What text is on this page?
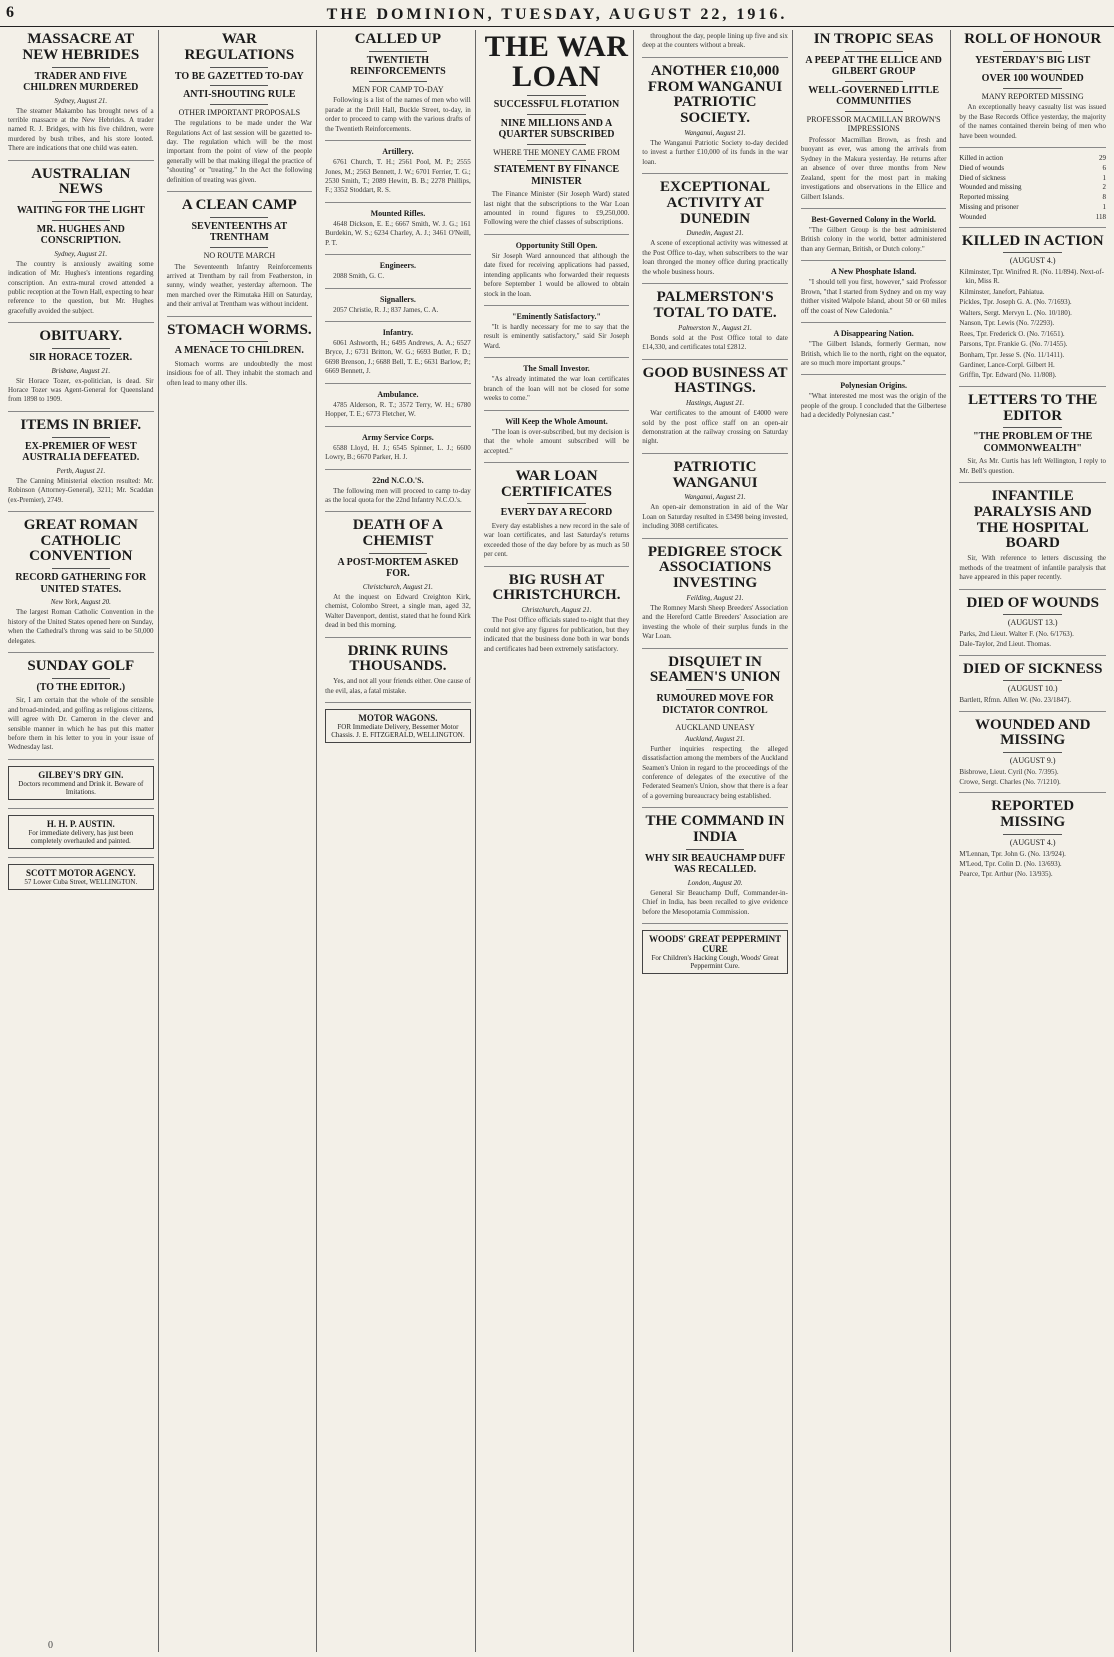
6	THE DOMINION, TUESDAY, AUGUST 22, 1916.
MASSACRE AT NEW HEBRIDES
TRADER AND FIVE CHILDREN MURDERED
Sydney, August 21.

The steamer Makambo has brought news of a terrible massacre at the New Hebrides. A trader named R. J. Bridges, with his five children, were murdered by bush tribes, and his store looted. There are indications that one child was eaten.

AUSTRALIAN NEWS
WAITING FOR THE LIGHT
MR. HUGHES AND CONSCRIPTION.
Sydney, August 21.

The country is anxiously awaiting some indication of Mr. Hughes's intentions regarding conscription. An extra-mural crowd attended a public reception at the Town Hall, expecting to hear reference to the question, but Mr. Hughes gracefully avoided the subject.

OBITUARY.
SIR HORACE TOZER.
Brisbane, August 21.

Sir Horace Tozer, ex-politician, is dead. Sir Horace Tozer was Agent-General for Queensland from 1898 to 1909.

ITEMS IN BRIEF.
EX-PREMIER OF WEST AUSTRALIA DEFEATED.
Perth, August 21.

The Canning Ministerial election resulted: Mr. Robinson (Attorney-General), 3211; Mr. Scaddan (ex-Premier), 2749.

GREAT ROMAN CATHOLIC CONVENTION
RECORD GATHERING FOR UNITED STATES.
New York, August 20.

The largest Roman Catholic Convention in the history of the United States opened here on Sunday, when the Cathedral's throng was said to be 50,000 delegates.

SUNDAY GOLF
(TO THE EDITOR.)

Sir, I am certain that the whole of the sensible and broad-minded, and golfing as religious citizens, will agree with Dr. Cameron in the clever and sensible manner in which he has put this matter before them in his letter to you in your issue of Wednesday last.

GILBEY'S DRY GIN.
Doctors recommend and Drink it. Beware of Imitations.
H. H. P. AUSTIN.
For immediate delivery, has just been completely overhauled and painted.
SCOTT MOTOR AGENCY.
57 Lower Cuba Street, WELLINGTON.
WAR REGULATIONS
TO BE GAZETTED TO-DAY
ANTI-SHOUTING RULE
OTHER IMPORTANT PROPOSALS

The regulations to be made under the War Regulations Act of last session will be gazetted to-day. The regulation which will be the most important from the point of view of the people generally will be that making illegal the practice of "shouting" or "treating." In the Act the following definition of treating was given.

A CLEAN CAMP
SEVENTEENTHS AT TRENTHAM
NO ROUTE MARCH

The Seventeenth Infantry Reinforcements arrived at Trentham by rail from Featherston, in sunny, windy weather, yesterday afternoon. The men marched over the Rimutaka Hill on Saturday, and their arrival at Trentham was without incident.

STOMACH WORMS.
A MENACE TO CHILDREN.

Stomach worms are undoubtedly the most insidious foe of all. They inhabit the stomach and often lead to many other ills.

CALLED UP
TWENTIETH REINFORCEMENTS
MEN FOR CAMP TO-DAY

Following is a list of the names of men who will parade at the Drill Hall, Buckle Street, to-day, in order to proceed to camp with the various drafts of the Twentieth Reinforcements.

Artillery.

6761 Church, T. H.; 2561 Pool, M. P.; 2555 Jones, M.; 2563 Bennett, J. W.; 6701 Ferrier, T. G.; 2530 Smith, T.; 2089 Hewitt, B. B.; 2278 Phillips, F.; 3352 Stoddart, R. S.

Mounted Rifles.

4648 Dickson, E. E.; 6667 Smith, W. J. G.; 161 Burdekin, W. S.; 6234 Charley, A. J.; 3461 O'Neill, P. T.

Engineers.

2088 Smith, G. C.

Signallers.

2057 Christie, R. J.; 837 James, C. A.

Infantry.

6061 Ashworth, H.; 6495 Andrews, A. A.; 6527 Bryce, J.; 6731 Britton, W. G.; 6693 Butler, F. D.; 6698 Brenson, J.; 6688 Bell, T. E.; 6631 Barlow, P.; 6669 Bennett, J.

Ambulance.

4785 Alderson, R. T.; 3572 Terry, W. H.; 6780 Hopper, T. E.; 6773 Fletcher, W.

Army Service Corps.

6588 Lloyd, H. J.; 6545 Spinner, L. J.; 6600 Lowry, B.; 6670 Parker, H. J.

22nd N.C.O.'S.

The following men will proceed to camp to-day as the local quota for the 22nd Infantry N.C.O.'s.

DEATH OF A CHEMIST
A POST-MORTEM ASKED FOR.
Christchurch, August 21.

At the inquest on Edward Creighton Kirk, chemist, Colombo Street, a single man, aged 32, Walter Davenport, dentist, stated that he found Kirk dead in bed this morning.

DRINK RUINS THOUSANDS.

Yes, and not all your friends either. One cause of the evil, alas, a fatal mistake.

MOTOR WAGONS.
FOR Immediate Delivery, Bessemer Motor Chassis. J. E. FITZGERALD, WELLINGTON.
THE WAR LOAN
SUCCESSFUL FLOTATION
NINE MILLIONS AND A QUARTER SUBSCRIBED
WHERE THE MONEY CAME FROM
STATEMENT BY FINANCE MINISTER

The Finance Minister (Sir Joseph Ward) stated last night that the subscriptions to the War Loan amounted in round figures to £9,250,000. Following were the chief classes of subscriptions.

Opportunity Still Open.

Sir Joseph Ward announced that although the date fixed for receiving applications had passed, intending applicants who forwarded their requests before September 1 would be allowed to obtain stock in the loan.

"Eminently Satisfactory."

"It is hardly necessary for me to say that the result is eminently satisfactory," said Sir Joseph Ward.

The Small Investor.

"As already intimated the war loan certificates branch of the loan will not be closed for some weeks to come."

Will Keep the Whole Amount.

"The loan is over-subscribed, but my decision is that the whole amount subscribed will be accepted."

WAR LOAN CERTIFICATES
EVERY DAY A RECORD

Every day establishes a new record in the sale of war loan certificates, and last Saturday's returns exceeded those of the day before by as much as 50 per cent.

BIG RUSH AT CHRISTCHURCH.
Christchurch, August 21.

The Post Office officials stated to-night that they could not give any figures for publication, but they indicated that the business done both in war bonds and certificates had been extremely satisfactory.

throughout the day, people lining up five and six deep at the counters without a break.

ANOTHER £10,000 FROM WANGANUI PATRIOTIC SOCIETY.
Wanganui, August 21.

The Wanganui Patriotic Society to-day decided to invest a further £10,000 of its funds in the war loan.

EXCEPTIONAL ACTIVITY AT DUNEDIN
Dunedin, August 21.

A scene of exceptional activity was witnessed at the Post Office to-day, when subscribers to the war loan thronged the money office during practically the whole business hours.

PALMERSTON'S TOTAL TO DATE.
Palmerston N., August 21.

Bonds sold at the Post Office total to date £14,330, and certificates total £2812.

GOOD BUSINESS AT HASTINGS.
Hastings, August 21.

War certificates to the amount of £4000 were sold by the post office staff on an open-air demonstration at the railway crossing on Saturday night.

PATRIOTIC WANGANUI
Wanganui, August 21.

An open-air demonstration in aid of the War Loan on Saturday resulted in £3498 being invested, including 3088 certificates.

PEDIGREE STOCK ASSOCIATIONS INVESTING
Feilding, August 21.

The Romney Marsh Sheep Breeders' Association and the Hereford Cattle Breeders' Association are investing the whole of their surplus funds in the War Loan.

DISQUIET IN SEAMEN'S UNION
RUMOURED MOVE FOR DICTATOR CONTROL
AUCKLAND UNEASY
Auckland, August 21.

Further inquiries respecting the alleged dissatisfaction among the members of the Auckland Seamen's Union in regard to the proceedings of the conference of delegates of the executive of the Federated Seamen's Union, show that there is a fear of a governing bureaucracy being established.

THE COMMAND IN INDIA
WHY SIR BEAUCHAMP DUFF WAS RECALLED.
London, August 20.

General Sir Beauchamp Duff, Commander-in-Chief in India, has been recalled to give evidence before the Mesopotamia Commission.

WOODS' GREAT PEPPERMINT CURE
For Children's Hacking Cough, Woods' Great Peppermint Cure.
IN TROPIC SEAS
A PEEP AT THE ELLICE AND GILBERT GROUP
WELL-GOVERNED LITTLE COMMUNITIES
PROFESSOR MACMILLAN BROWN'S IMPRESSIONS

Professor Macmillan Brown, as fresh and buoyant as ever, was among the arrivals from Sydney in the Makura yesterday. He returns after an absence of over three months from New Zealand, spent for the most part in making investigations and observations in the Ellice and Gilbert Islands.

Best-Governed Colony in the World.

"The Gilbert Group is the best administered British colony in the world, better administered than any German, British, or Dutch colony."

A New Phosphate Island.

"I should tell you first, however," said Professor Brown, "that I started from Sydney and on my way thither visited Walpole Island, about 50 or 60 miles off the coast of New Caledonia."

A Disappearing Nation.

"The Gilbert Islands, formerly German, now British, which lie to the north, right on the equator, are so much more important groups."

Polynesian Origins.

"What interested me most was the origin of the people of the group. I concluded that the Gilbertese had a decidedly Polynesian cast."

ROLL OF HONOUR
YESTERDAY'S BIG LIST
OVER 100 WOUNDED
MANY REPORTED MISSING

An exceptionally heavy casualty list was issued by the Base Records Office yesterday, the majority of the names contained therein being of men who have been wounded.

Killed in action	29
Died of wounds	6
Died of sickness	1
Wounded and missing	2
Reported missing	8
Missing and prisoner	1
Wounded	118
KILLED IN ACTION
(AUGUST 4.)
Kilminster, Tpr. Winifred R. (No. 11/894). Next-of-kin, Miss R.
Kilminster, Janefort, Pahiatua.
Pickles, Tpr. Joseph G. A. (No. 7/1693).
Walters, Sergt. Mervyn L. (No. 10/180).
Nanson, Tpr. Lewis (No. 7/2293).
Rees, Tpr. Frederick O. (No. 7/1651).
Parsons, Tpr. Frankie G. (No. 7/1455).
Bonham, Tpr. Jesse S. (No. 11/1411).
Gardiner, Lance-Corpl. Gilbert H.
Griffin, Tpr. Edward (No. 11/808).
LETTERS TO THE EDITOR
"THE PROBLEM OF THE COMMONWEALTH"

Sir, As Mr. Curtis has left Wellington, I reply to Mr. Bell's question.

INFANTILE PARALYSIS AND THE HOSPITAL BOARD

Sir, With reference to letters discussing the methods of the treatment of infantile paralysis that have appeared in this paper recently.

DIED OF WOUNDS
(AUGUST 13.)
Parks, 2nd Lieut. Walter F. (No. 6/1763).
Dale-Taylor, 2nd Lieut. Thomas.
DIED OF SICKNESS
(AUGUST 10.)
Bartlett, Rfmn. Allen W. (No. 23/1847).
WOUNDED AND MISSING
(AUGUST 9.)
Bisbrowe, Lieut. Cyril (No. 7/395).
Crowe, Sergt. Charles (No. 7/1210).
REPORTED MISSING
(AUGUST 4.)
M'Lennan, Tpr. John G. (No. 13/924).
M'Leod, Tpr. Colin D. (No. 13/693).
Pearce, Tpr. Arthur (No. 13/935).
0
